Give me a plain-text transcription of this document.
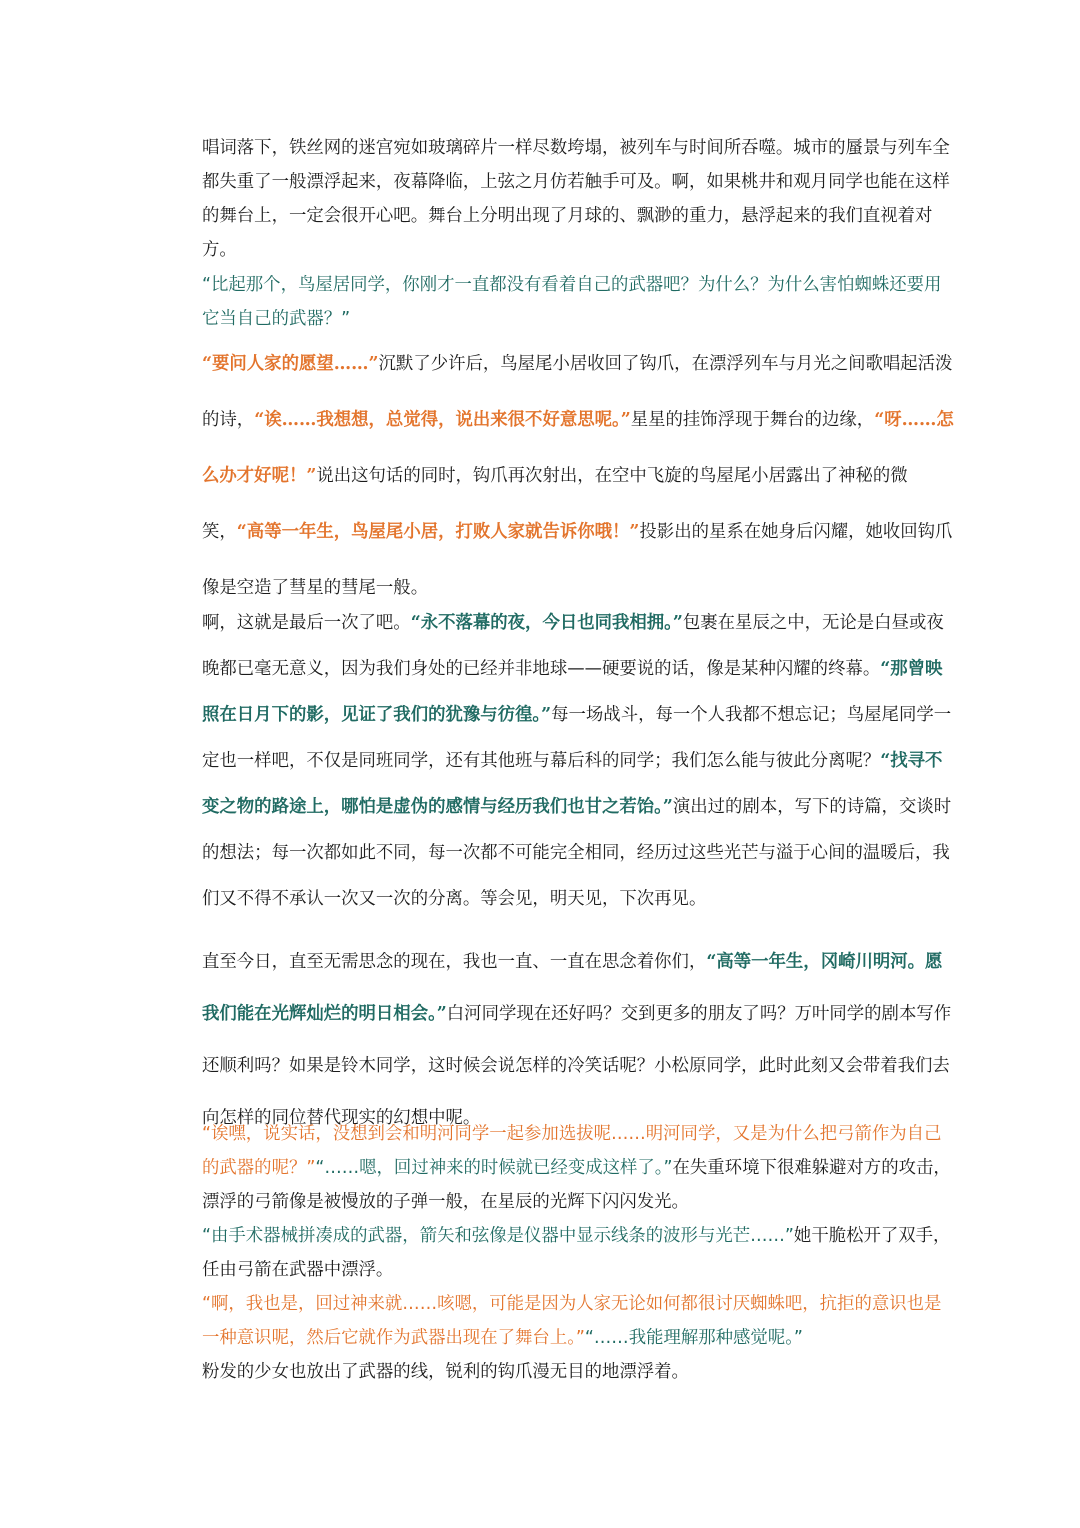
唱词落下，铁丝网的迷宫宛如玻璃碎片一样尽数垮塌，被列车与时间所吞噬。城市的蜃景与列车全都失重了一般漂浮起来，夜幕降临，上弦之月仿若触手可及。啊，如果桃井和观月同学也能在这样的舞台上，一定会很开心吧。舞台上分明出现了月球的、飘渺的重力，悬浮起来的我们直视着对方。

“比起那个，鸟屋居同学，你刚才一直都没有看着自己的武器吧？为什么？为什么害怕蜘蛛还要用它当自己的武器？”

“要问人家的愿望……”沉默了少许后，鸟屋尾小居收回了钩爪，在漂浮列车与月光之间歌唱起活泼的诗，“诶……我想想，总觉得，说出来很不好意思呢。”星星的挂饰浮现于舞台的边缘，“呀……怎么办才好呢！”说出这句话的同时，钩爪再次射出，在空中飞旋的鸟屋尾小居露出了神秘的微笑，“高等一年生，鸟屋尾小居，打败人家就告诉你哦！”投影出的星系在她身后闪耀，她收回钩爪像是空造了彗星的彗尾一般。

啊，这就是最后一次了吧。“永不落幕的夜，今日也同我相拥。”包裹在星辰之中，无论是白昼或夜晚都已毫无意义，因为我们身处的已经并非地球——硬要说的话，像是某种闪耀的终幕。“那曾映照在日月下的影，见证了我们的犹豫与彷徨。”每一场战斗，每一个人我都不想忘记；鸟屋尾同学一定也一样吧，不仅是同班同学，还有其他班与幕后科的同学；我们怎么能与彼此分离呢？“找寻不变之物的路途上，哪怕是虚伪的感情与经历我们也甘之若饴。”演出过的剧本，写下的诗篇，交谈时的想法；每一次都如此不同，每一次都不可能完全相同，经历过这些光芒与溢于心间的温暖后，我们又不得不承认一次又一次的分离。等会见，明天见，下次再见。

直至今日，直至无需思念的现在，我也一直、一直在思念着你们，“高等一年生，冈崎川明河。愿我们能在光辉灿烂的明日相会。”白河同学现在还好吗？交到更多的朋友了吗？万叶同学的剧本写作还顺利吗？如果是铃木同学，这时候会说怎样的冷笑话呢？小松原同学，此时此刻又会带着我们去向怎样的同位替代现实的幻想中呢。

“诶嘿，说实话，没想到会和明河同学一起参加选拔呢……明河同学，又是为什么把弓箭作为自己的武器的呢？”“……嗯，回过神来的时候就已经变成这样了。”在失重环境下很难躲避对方的攻击，漂浮的弓箭像是被慢放的子弹一般，在星辰的光辉下闪闪发光。

“由手术器械拼凑成的武器，箭矢和弦像是仪器中显示线条的波形与光芒……”她干脆松开了双手，任由弓箭在武器中漂浮。

“啊，我也是，回过神来就……咳嗯，可能是因为人家无论如何都很讨厌蜘蛛吧，抗拒的意识也是一种意识呢，然后它就作为武器出现在了舞台上。”“……我能理解那种感觉呢。”

粉发的少女也放出了武器的线，锐利的钩爪漫无目的地漂浮着。
